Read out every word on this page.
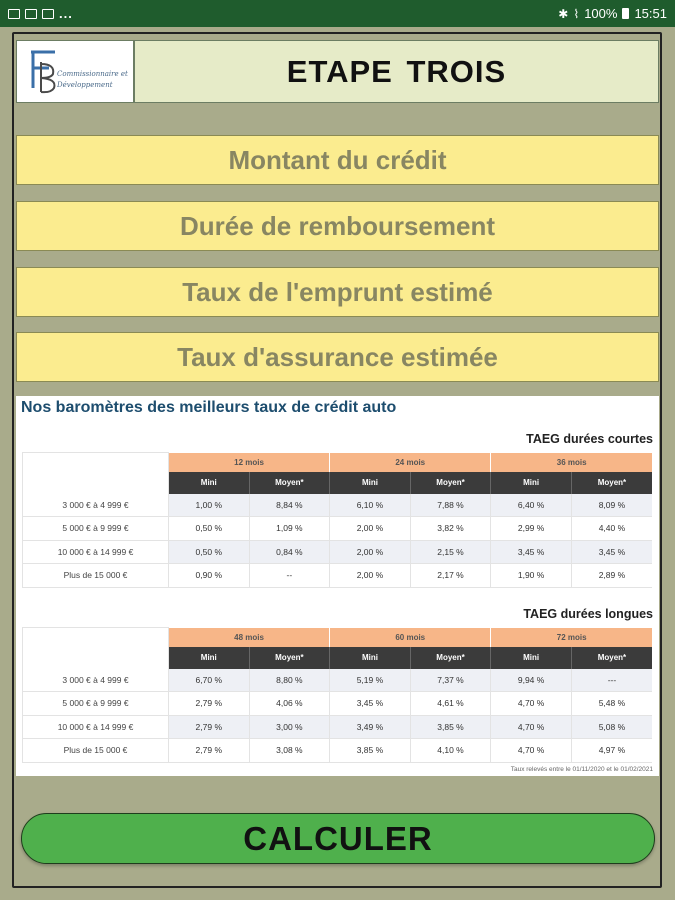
...	✱ ⌇ 100% 15:51
Commissionnaire et
Développement	ETAPE TROIS
Montant du crédit
Durée de remboursement
Taux de l'emprunt estimé
Taux d'assurance estimée
Nos baromètres des meilleurs taux de crédit auto
TAEG durées courtes
	12 mois		24 mois		36 mois	
	Mini	Moyen*	Mini	Moyen*	Mini	Moyen*
3 000 € à 4 999 €	1,00 %	8,84 %	6,10 %	7,88 %	6,40 %	8,09 %
5 000 € à 9 999 €	0,50 %	1,09 %	2,00 %	3,82 %	2,99 %	4,40 %
10 000 € à 14 999 €	0,50 %	0,84 %	2,00 %	2,15 %	3,45 %	3,45 %
Plus de 15 000 €	0,90 %	--	2,00 %	2,17 %	1,90 %	2,89 %
TAEG durées longues
	48 mois		60 mois		72 mois	
	Mini	Moyen*	Mini	Moyen*	Mini	Moyen*
3 000 € à 4 999 €	6,70 %	8,80 %	5,19 %	7,37 %	9,94 %	---
5 000 € à 9 999 €	2,79 %	4,06 %	3,45 %	4,61 %	4,70 %	5,48 %
10 000 € à 14 999 €	2,79 %	3,00 %	3,49 %	3,85 %	4,70 %	5,08 %
Plus de 15 000 €	2,79 %	3,08 %	3,85 %	4,10 %	4,70 %	4,97 %
Taux relevés entre le 01/11/2020 et le 01/02/2021
CALCULER
